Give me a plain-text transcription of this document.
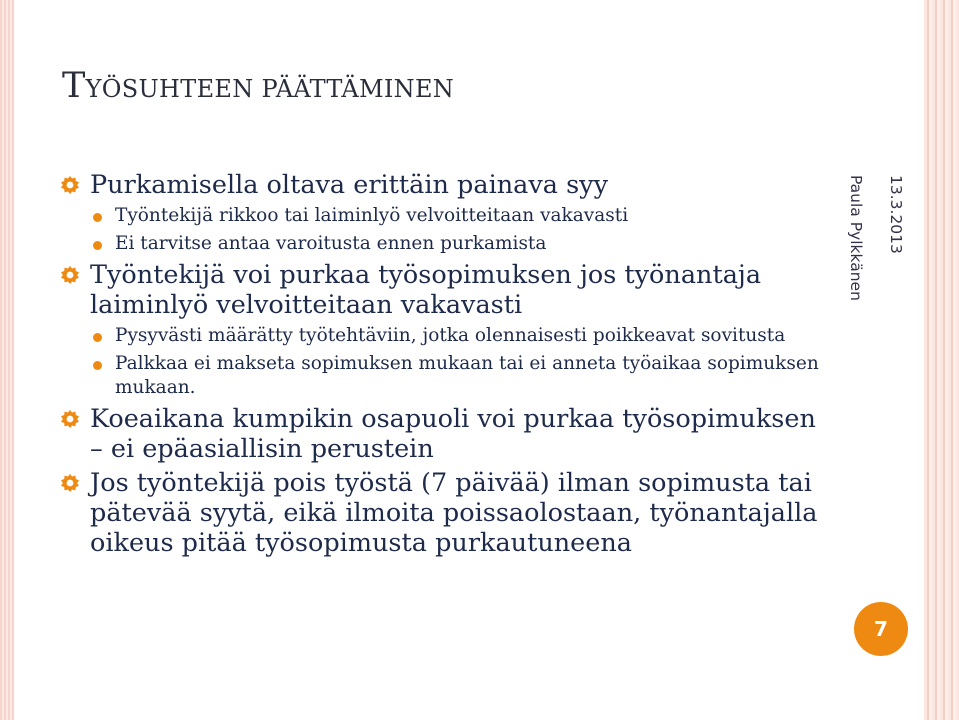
TYÖSUHTEEN PÄÄTTÄMINEN
Purkamisella oltava erittäin painava syy
Työntekijä rikkoo tai laiminlyö velvoitteitaan vakavasti
Ei tarvitse antaa varoitusta ennen purkamista
Työntekijä voi purkaa työsopimuksen jos työnantaja laiminlyö velvoitteitaan vakavasti
Pysyvästi määrätty työtehtäviin, jotka olennaisesti poikkeavat sovitusta
Palkkaa ei makseta sopimuksen mukaan tai ei anneta työaikaa sopimuksen mukaan.
Koeaikana kumpikin osapuoli voi purkaa työsopimuksen – ei epäasiallisin perustein
Jos työntekijä pois työstä (7 päivää) ilman sopimusta tai pätevää syytä, eikä ilmoita poissaolostaan, työnantajalla oikeus pitää työsopimusta purkautuneena
13.3.2013
Paula Pylkkänen
7
